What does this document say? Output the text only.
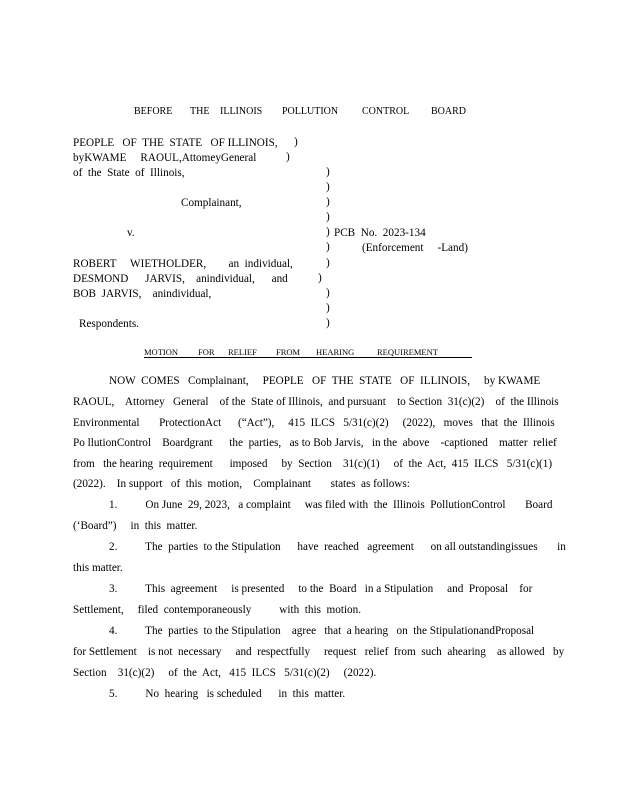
BEFORE THE ILLINOIS POLLUTION CONTROL BOARD
PEOPLE   OF  THE  STATE   OF ILLINOIS, )
byKWAME     RAOUL,AttomeyGeneral	)
of  the  State  of  Illinois,	)
)
Complainant,	)
)
v.	) PCB  No.  2023-134
)	(Enforcement     -Land)
ROBERT     WIETHOLDER,        an  individual,	)
DESMOND      JARVIS,    anindividual,      and	)
BOB  JARVIS,    anindividual,	)
)
Respondents.	)
MOTION FOR RELIEF FROM HEARING	REQUIREMENT
NOW  COMES   Complainant,     PEOPLE   OF  THE  STATE   OF  ILLINOIS,     by KWAME
RAOUL,    Attorney   General    of the  State of Illinois,  and pursuant    to Section  31(c)(2)    of  the Illinois
Environmental       ProtectionAct      (“Act”),     415  ILCS   5/31(c)(2)     (2022),   moves   that  the  Illinois
Po llutionControl    Boardgrant      the  parties,   as to Bob Jarvis,   in the  above    -captioned    matter  relief
from   the hearing  requirement      imposed     by  Section    31(c)(1)     of  the  Act,  415  ILCS   5/31(c)(1)
(2022).    In support   of  this  motion,    Complainant       states  as follows:
1.          On June  29, 2023,   a complaint     was filed with  the  Illinois  PollutionControl       Board
(‘Board”)     in  this  matter.
2.          The  parties  to the Stipulation      have  reached   agreement      on all outstandingissues       in
this matter.
3.          This  agreement     is presented     to the  Board   in a Stipulation     and  Proposal    for
Settlement,     filed  contemporaneously          with  this  motion.
4.          The  parties  to the Stipulation    agree   that  a hearing   on  the StipulationandProposal
for Settlement    is not  necessary     and  respectfully     request   relief  from  such  ahearing    as allowed   by
Section    31(c)(2)     of  the  Act,   415  ILCS   5/31(c)(2)     (2022).
5.          No  hearing   is scheduled      in  this  matter.
